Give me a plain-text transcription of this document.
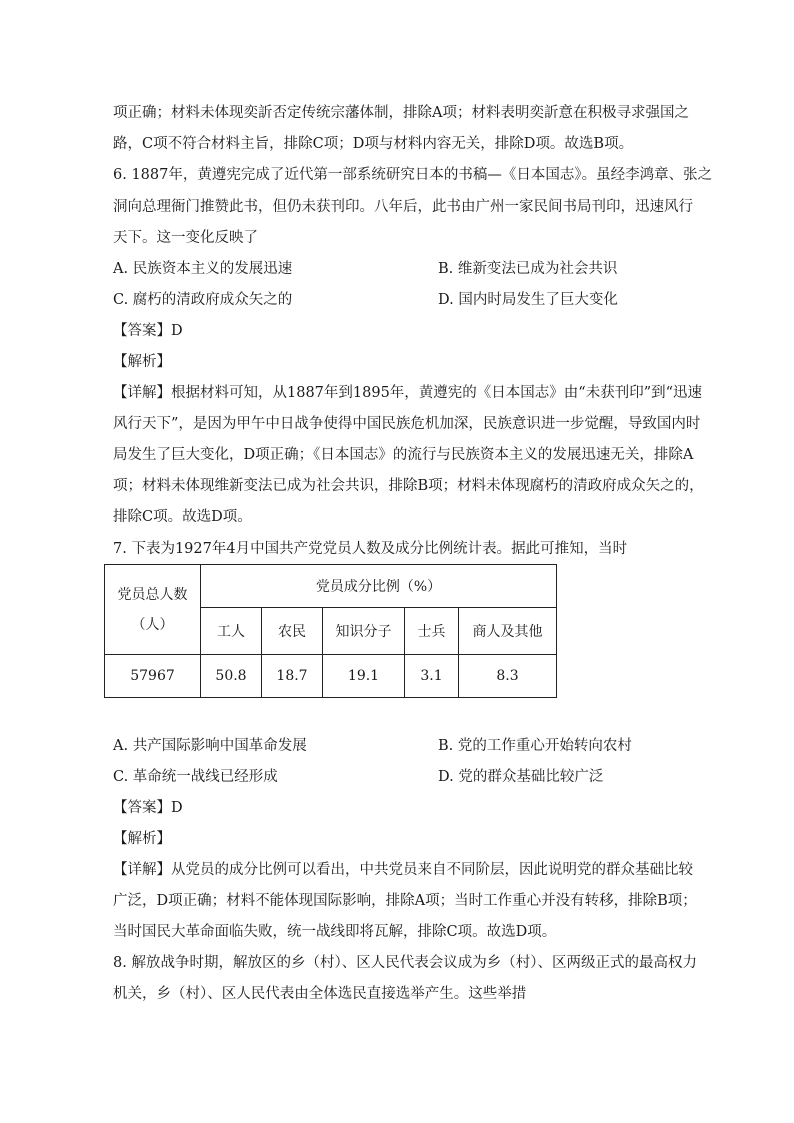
项正确；材料未体现奕訢否定传统宗藩体制，排除A项；材料表明奕訢意在积极寻求强国之
路，C项不符合材料主旨，排除C项；D项与材料内容无关，排除D项。故选B项。
6. 1887年，黄遵宪完成了近代第一部系统研究日本的书稿—《日本国志》。虽经李鸿章、张之
洞向总理衙门推赞此书，但仍未获刊印。八年后，此书由广州一家民间书局刊印，迅速风行
天下。这一变化反映了
A. 民族资本主义的发展迅速	B. 维新变法已成为社会共识
C. 腐朽的清政府成众矢之的	D. 国内时局发生了巨大变化
【答案】D
【解析】
【详解】根据材料可知，从1887年到1895年，黄遵宪的《日本国志》由“未获刊印”到“迅速
风行天下”，是因为甲午中日战争使得中国民族危机加深，民族意识进一步觉醒，导致国内时
局发生了巨大变化，D项正确；《日本国志》的流行与民族资本主义的发展迅速无关，排除A
项；材料未体现维新变法已成为社会共识，排除B项；材料未体现腐朽的清政府成众矢之的，
排除C项。故选D项。
7. 下表为1927年4月中国共产党党员人数及成分比例统计表。据此可推知，当时
党员总人数（人）	党员成分比例（%）				
	工人	农民	知识分子	士兵	商人及其他
57967	50.8	18.7	19.1	3.1	8.3
A. 共产国际影响中国革命发展	B. 党的工作重心开始转向农村
C. 革命统一战线已经形成	D. 党的群众基础比较广泛
【答案】D
【解析】
【详解】从党员的成分比例可以看出，中共党员来自不同阶层，因此说明党的群众基础比较
广泛，D项正确；材料不能体现国际影响，排除A项；当时工作重心并没有转移，排除B项；
当时国民大革命面临失败，统一战线即将瓦解，排除C项。故选D项。
8. 解放战争时期，解放区的乡（村）、区人民代表会议成为乡（村）、区两级正式的最高权力
机关，乡（村）、区人民代表由全体选民直接选举产生。这些举措
